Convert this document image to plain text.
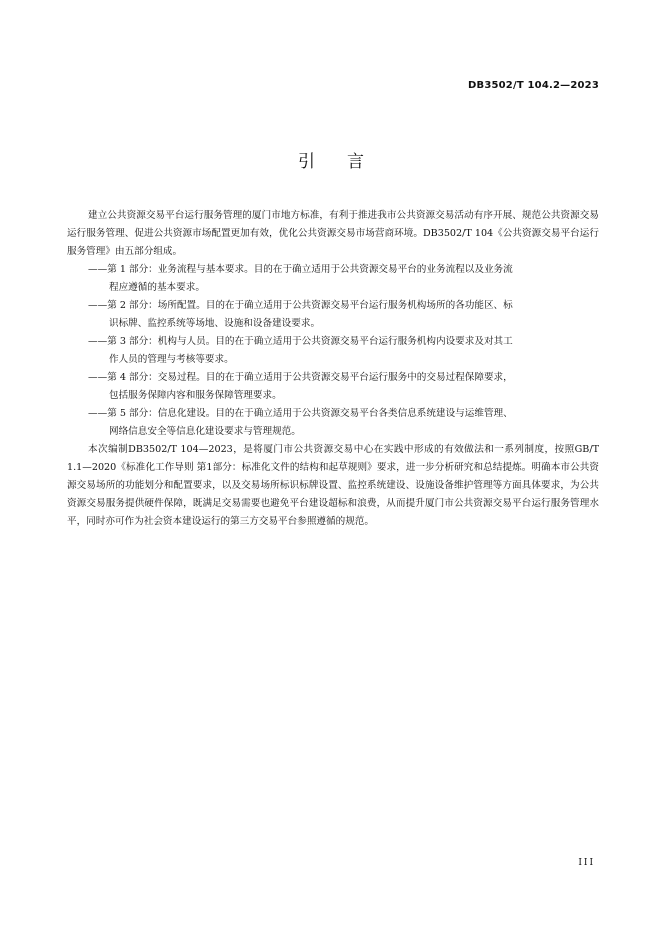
DB3502/T 104.2—2023
引言

建立公共资源交易平台运行服务管理的厦门市地方标准，有利于推进我市公共资源交易活动有序开展、规范公共资源交易运行服务管理、促进公共资源市场配置更加有效，优化公共资源交易市场营商环境。DB3502/T 104《公共资源交易平台运行服务管理》由五部分组成。

——第 1 部分：业务流程与基本要求。目的在于确立适用于公共资源交易平台的业务流程以及业务流

程应遵循的基本要求。

——第 2 部分：场所配置。目的在于确立适用于公共资源交易平台运行服务机构场所的各功能区、标

识标牌、监控系统等场地、设施和设备建设要求。

——第 3 部分：机构与人员。目的在于确立适用于公共资源交易平台运行服务机构内设要求及对其工

作人员的管理与考核等要求。

——第 4 部分：交易过程。目的在于确立适用于公共资源交易平台运行服务中的交易过程保障要求，

包括服务保障内容和服务保障管理要求。

——第 5 部分：信息化建设。目的在于确立适用于公共资源交易平台各类信息系统建设与运维管理、

网络信息安全等信息化建设要求与管理规范。

本次编制DB3502/T 104—2023，是将厦门市公共资源交易中心在实践中形成的有效做法和一系列制度，按照GB/T 1.1—2020《标准化工作导则 第1部分：标准化文件的结构和起草规则》要求，进一步分析研究和总结提炼。明确本市公共资源交易场所的功能划分和配置要求，以及交易场所标识标牌设置、监控系统建设、设施设备维护管理等方面具体要求，为公共资源交易服务提供硬件保障，既满足交易需要也避免平台建设超标和浪费，从而提升厦门市公共资源交易平台运行服务管理水平，同时亦可作为社会资本建设运行的第三方交易平台参照遵循的规范。

III
